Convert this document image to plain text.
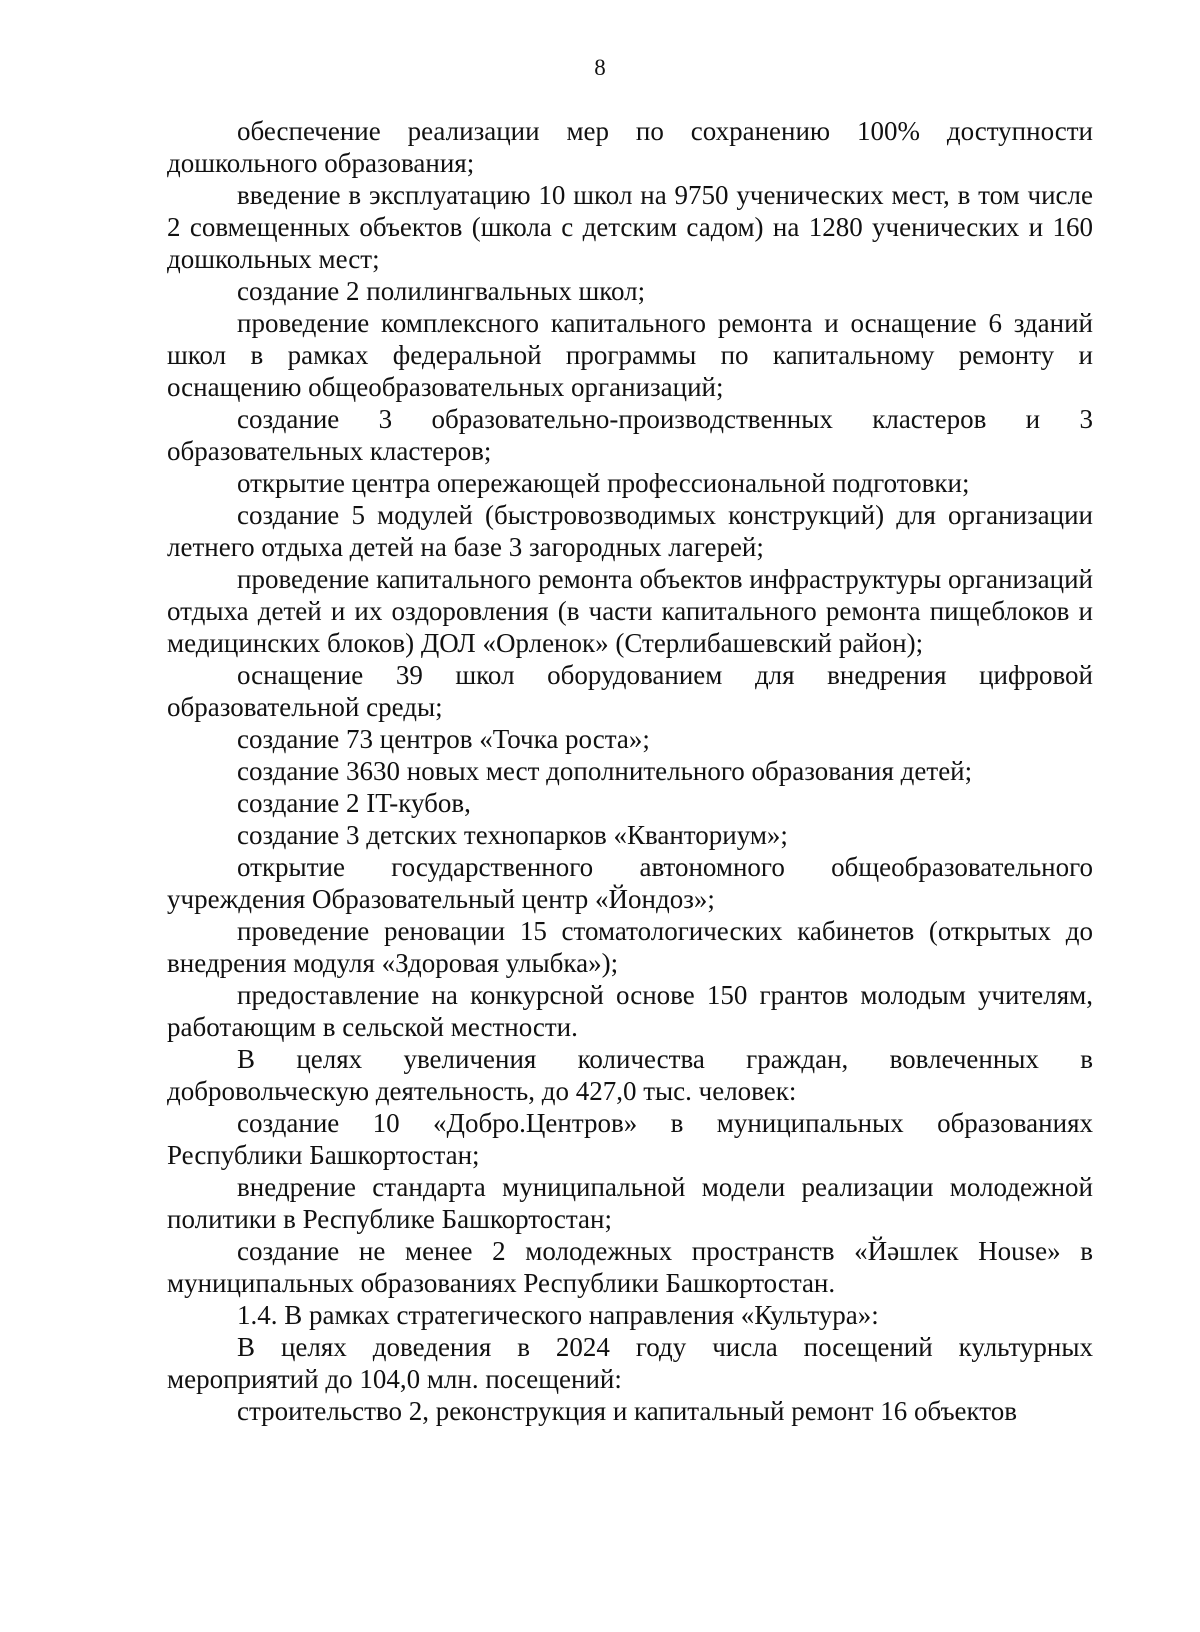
8

обеспечение реализации мер по сохранению 100% доступности дошкольного образования;

введение в эксплуатацию 10 школ на 9750 ученических мест, в том числе 2 совмещенных объектов (школа с детским садом) на 1280 ученических и 160 дошкольных мест;

создание 2 полилингвальных школ;

проведение комплексного капитального ремонта и оснащение 6 зданий школ в рамках федеральной программы по капитальному ремонту и оснащению общеобразовательных организаций;

создание 3 образовательно-производственных кластеров и 3 образовательных кластеров;

открытие центра опережающей профессиональной подготовки;

создание 5 модулей (быстровозводимых конструкций) для организации летнего отдыха детей на базе 3 загородных лагерей;

проведение капитального ремонта объектов инфраструктуры организаций отдыха детей и их оздоровления (в части капитального ремонта пищеблоков и медицинских блоков) ДОЛ «Орленок» (Стерлибашевский район);

оснащение 39 школ оборудованием для внедрения цифровой образовательной среды;

создание 73 центров «Точка роста»;

создание 3630 новых мест дополнительного образования детей;

создание 2 IT-кубов,

создание 3 детских технопарков «Кванториум»;

открытие государственного автономного общеобразовательного учреждения Образовательный центр «Йондоз»;

проведение реновации 15 стоматологических кабинетов (открытых до внедрения модуля «Здоровая улыбка»);

предоставление на конкурсной основе 150 грантов молодым учителям, работающим в сельской местности.

В целях увеличения количества граждан, вовлеченных в добровольческую деятельность, до 427,0 тыс. человек:

создание 10 «Добро.Центров» в муниципальных образованиях Республики Башкортостан;

внедрение стандарта муниципальной модели реализации молодежной политики в Республике Башкортостан;

создание не менее 2 молодежных пространств «Йәшлек House» в муниципальных образованиях Республики Башкортостан.

1.4. В рамках стратегического направления «Культура»:

В целях доведения в 2024 году числа посещений культурных мероприятий до 104,0 млн. посещений:

строительство 2, реконструкция и капитальный ремонт 16 объектов
